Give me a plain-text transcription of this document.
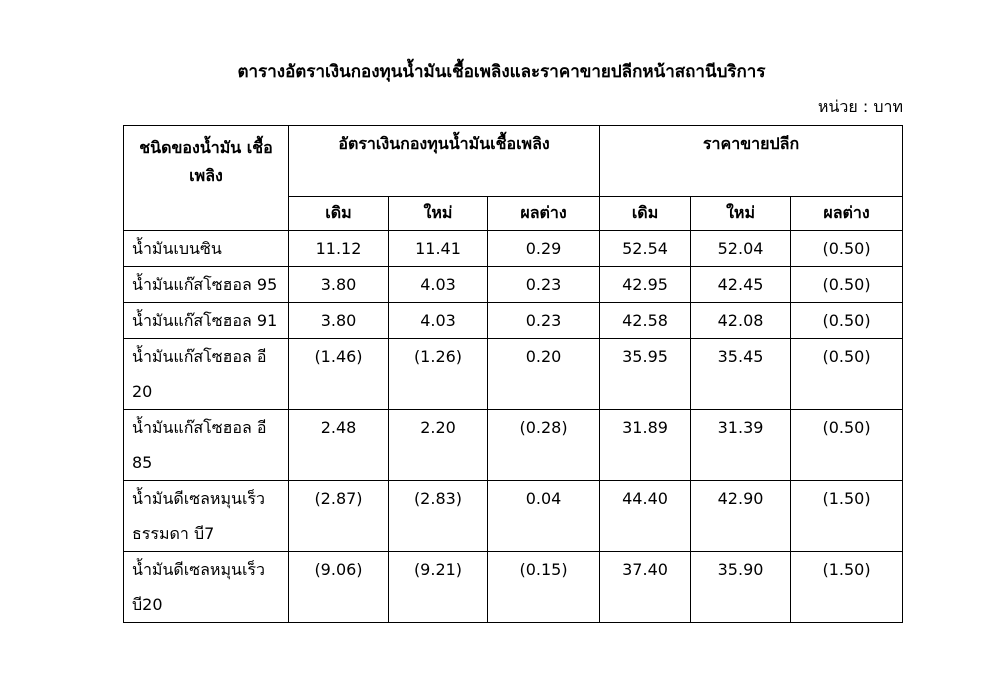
ตารางอัตราเงินกองทุนน้ำมันเชื้อเพลิงและราคาขายปลีกหน้าสถานีบริการ
หน่วย : บาท
ชนิดของน้ำมัน เชื้อเพลิง	อัตราเงินกองทุนน้ำมันเชื้อเพลิง			ราคาขายปลีก		
	เดิม	ใหม่	ผลต่าง	เดิม	ใหม่	ผลต่าง
น้ำมันเบนซิน	11.12	11.41	0.29	52.54	52.04	(0.50)
น้ำมันแก๊สโซฮอล 95	3.80	4.03	0.23	42.95	42.45	(0.50)
น้ำมันแก๊สโซฮอล 91	3.80	4.03	0.23	42.58	42.08	(0.50)
น้ำมันแก๊สโซฮอล อี 20	(1.46)	(1.26)	0.20	35.95	35.45	(0.50)
น้ำมันแก๊สโซฮอล อี 85	2.48	2.20	(0.28)	31.89	31.39	(0.50)
น้ำมันดีเซลหมุนเร็วธรรมดา บี7	(2.87)	(2.83)	0.04	44.40	42.90	(1.50)
น้ำมันดีเซลหมุนเร็ว บี20	(9.06)	(9.21)	(0.15)	37.40	35.90	(1.50)
